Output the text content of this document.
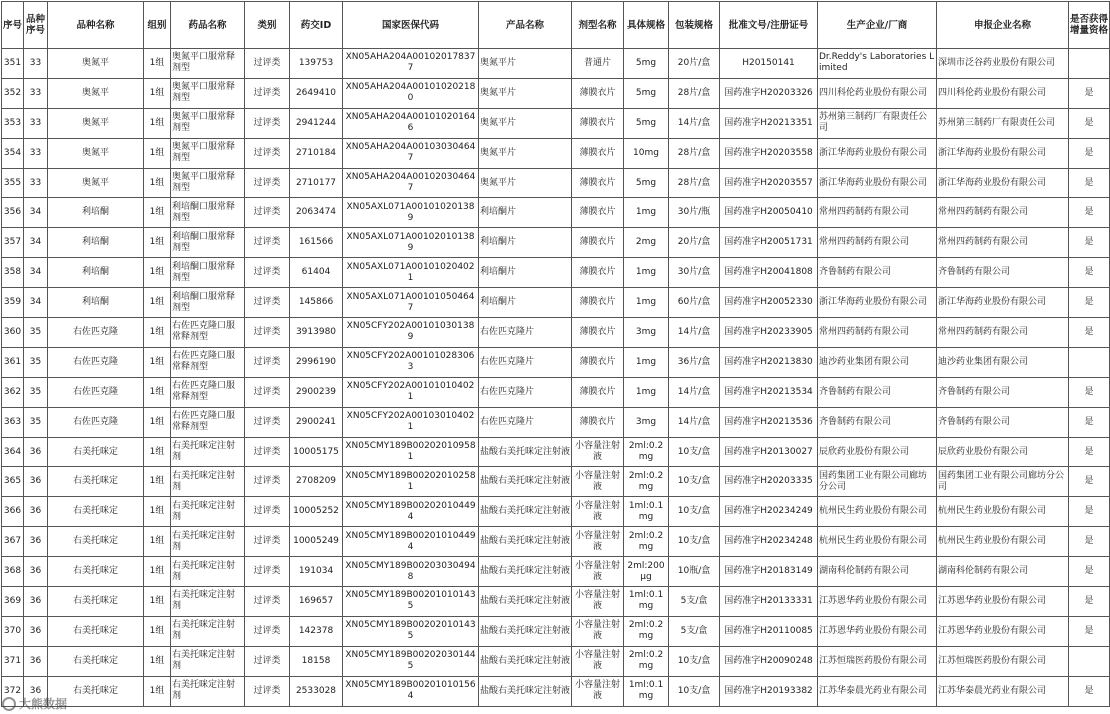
序号	品种序号	品种名称	组别	药品名称	类别	药交ID	国家医保代码	产品名称	剂型名称	具体规格	包装规格	批准文号/注册证号	生产企业/厂商	申报企业名称	是否获得增量资格
351	33	奥氮平	1组	奥氮平口服常释剂型	过评类	139753	XN05AHA204A001020178377	奥氮平片	普通片	5mg	20片/盒	H20150141	Dr.Reddy's Laboratories Limited	深圳市泛谷药业股份有限公司	
352	33	奥氮平	1组	奥氮平口服常释剂型	过评类	2649410	XN05AHA204A001010202180	奥氮平片	薄膜衣片	5mg	28片/盒	国药准字H20203326	四川科伦药业股份有限公司	四川科伦药业股份有限公司	是
353	33	奥氮平	1组	奥氮平口服常释剂型	过评类	2941244	XN05AHA204A001010201646	奥氮平片	薄膜衣片	5mg	14片/盒	国药准字H20213351	苏州第三制药厂有限责任公司	苏州第三制药厂有限责任公司	是
354	33	奥氮平	1组	奥氮平口服常释剂型	过评类	2710184	XN05AHA204A001030304647	奥氮平片	薄膜衣片	10mg	28片/盒	国药准字H20203558	浙江华海药业股份有限公司	浙江华海药业股份有限公司	是
355	33	奥氮平	1组	奥氮平口服常释剂型	过评类	2710177	XN05AHA204A001020304647	奥氮平片	薄膜衣片	5mg	28片/盒	国药准字H20203557	浙江华海药业股份有限公司	浙江华海药业股份有限公司	是
356	34	利培酮	1组	利培酮口服常释剂型	过评类	2063474	XN05AXL071A001010201389	利培酮片	薄膜衣片	1mg	30片/瓶	国药准字H20050410	常州四药制药有限公司	常州四药制药有限公司	是
357	34	利培酮	1组	利培酮口服常释剂型	过评类	161566	XN05AXL071A001020101389	利培酮片	薄膜衣片	2mg	20片/盒	国药准字H20051731	常州四药制药有限公司	常州四药制药有限公司	是
358	34	利培酮	1组	利培酮口服常释剂型	过评类	61404	XN05AXL071A001010204021	利培酮片	薄膜衣片	1mg	30片/盒	国药准字H20041808	齐鲁制药有限公司	齐鲁制药有限公司	是
359	34	利培酮	1组	利培酮口服常释剂型	过评类	145866	XN05AXL071A001010504647	利培酮片	薄膜衣片	1mg	60片/盒	国药准字H20052330	浙江华海药业股份有限公司	浙江华海药业股份有限公司	是
360	35	右佐匹克隆	1组	右佐匹克隆口服常释剂型	过评类	3913980	XN05CFY202A001010301389	右佐匹克隆片	薄膜衣片	3mg	14片/盒	国药准字H20233905	常州四药制药有限公司	常州四药制药有限公司	是
361	35	右佐匹克隆	1组	右佐匹克隆口服常释剂型	过评类	2996190	XN05CFY202A001010283063	右佐匹克隆片	薄膜衣片	1mg	36片/盒	国药准字H20213830	迪沙药业集团有限公司	迪沙药业集团有限公司	
362	35	右佐匹克隆	1组	右佐匹克隆口服常释剂型	过评类	2900239	XN05CFY202A001010104021	右佐匹克隆片	薄膜衣片	1mg	14片/盒	国药准字H20213534	齐鲁制药有限公司	齐鲁制药有限公司	是
363	35	右佐匹克隆	1组	右佐匹克隆口服常释剂型	过评类	2900241	XN05CFY202A001030104021	右佐匹克隆片	薄膜衣片	3mg	14片/盒	国药准字H20213536	齐鲁制药有限公司	齐鲁制药有限公司	是
364	36	右美托咪定	1组	右美托咪定注射剂	过评类	10005175	XN05CMY189B002020109581	盐酸右美托咪定注射液	小容量注射液	2ml:0.2mg	10支/盒	国药准字H20130027	辰欣药业股份有限公司	辰欣药业股份有限公司	是
365	36	右美托咪定	1组	右美托咪定注射剂	过评类	2708209	XN05CMY189B002020102581	盐酸右美托咪定注射液	小容量注射液	2ml:0.2mg	10支/盒	国药准字H20203335	国药集团工业有限公司廊坊分公司	国药集团工业有限公司廊坊分公司	是
366	36	右美托咪定	1组	右美托咪定注射剂	过评类	10005252	XN05CMY189B002020104494	盐酸右美托咪定注射液	小容量注射液	1ml:0.1mg	10支/盒	国药准字H20234249	杭州民生药业股份有限公司	杭州民生药业股份有限公司	是
367	36	右美托咪定	1组	右美托咪定注射剂	过评类	10005249	XN05CMY189B002010104494	盐酸右美托咪定注射液	小容量注射液	2ml:0.2mg	10支/盒	国药准字H20234248	杭州民生药业股份有限公司	杭州民生药业股份有限公司	是
368	36	右美托咪定	1组	右美托咪定注射剂	过评类	191034	XN05CMY189B002030304948	盐酸右美托咪定注射液	小容量注射液	2ml:200μg	10瓶/盒	国药准字H20183149	湖南科伦制药有限公司	湖南科伦制药有限公司	是
369	36	右美托咪定	1组	右美托咪定注射剂	过评类	169657	XN05CMY189B002010101435	盐酸右美托咪定注射液	小容量注射液	1ml:0.1mg	5支/盒	国药准字H20133331	江苏恩华药业股份有限公司	江苏恩华药业股份有限公司	是
370	36	右美托咪定	1组	右美托咪定注射剂	过评类	142378	XN05CMY189B002020101435	盐酸右美托咪定注射液	小容量注射液	2ml:0.2mg	5支/盒	国药准字H20110085	江苏恩华药业股份有限公司	江苏恩华药业股份有限公司	是
371	36	右美托咪定	1组	右美托咪定注射剂	过评类	18158	XN05CMY189B002020301445	盐酸右美托咪定注射液	小容量注射液	2ml:0.2mg	10支/盒	国药准字H20090248	江苏恒瑞医药股份有限公司	江苏恒瑞医药股份有限公司	
372	36	右美托咪定	1组	右美托咪定注射剂	过评类	2533028	XN05CMY189B002010101564	盐酸右美托咪定注射液	小容量注射液	1ml:0.1mg	10支/盒	国药准字H20193382	江苏华泰晨光药业有限公司	江苏华泰晨光药业有限公司	是
大熊数据
